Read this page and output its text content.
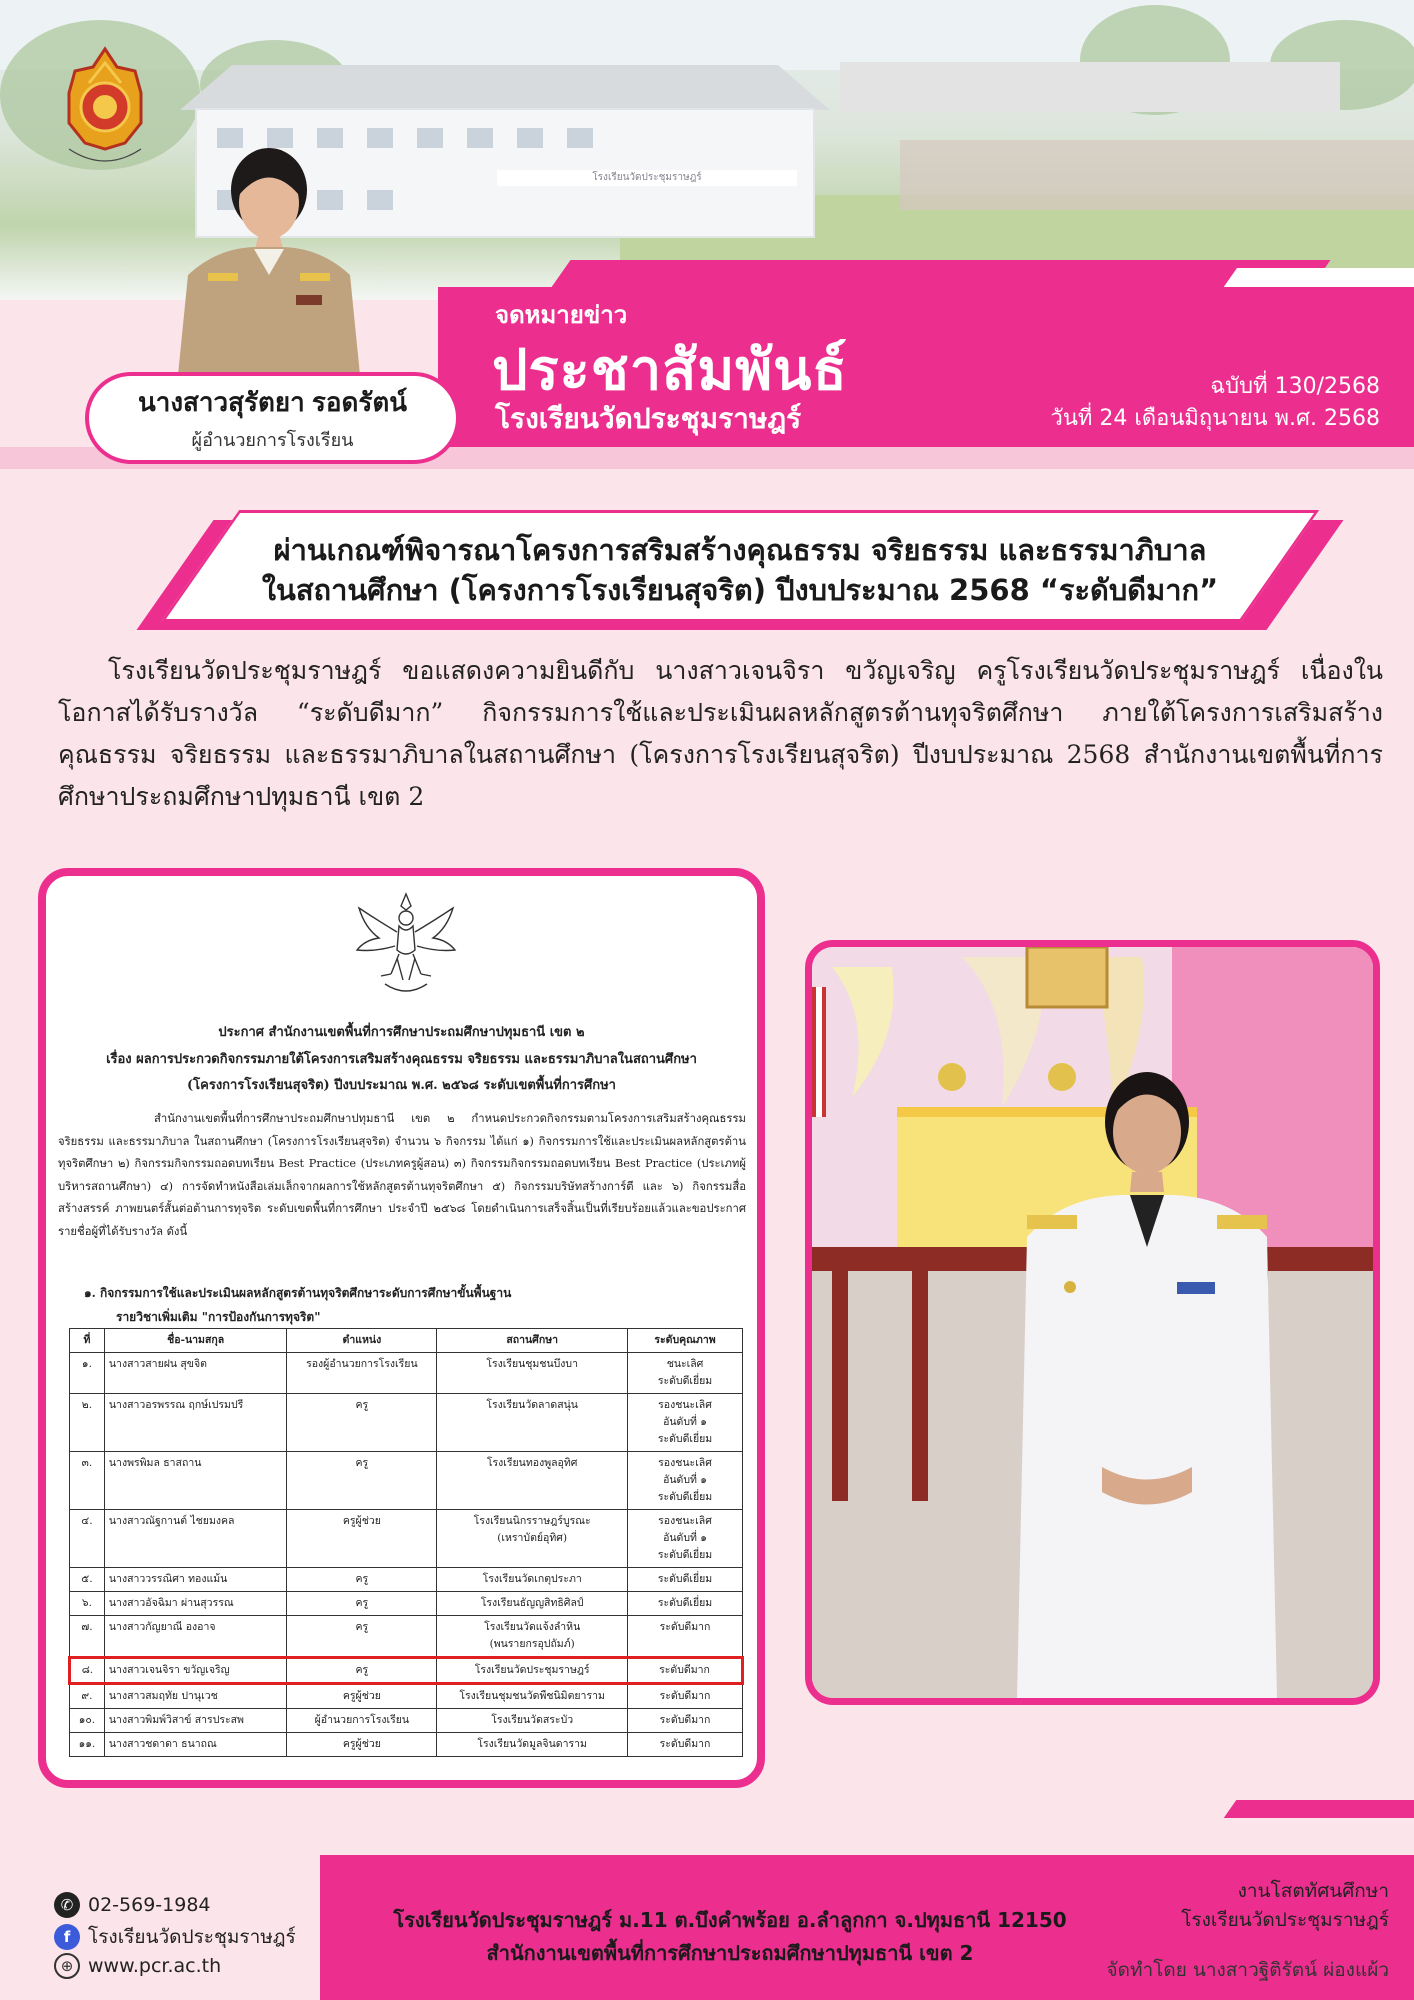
โรงเรียนวัดประชุมราษฎร์
จดหมายข่าว
ประชาสัมพันธ์
โรงเรียนวัดประชุมราษฎร์
ฉบับที่ 130/2568
วันที่ 24 เดือนมิถุนายน พ.ศ. 2568
นางสาวสุรัตยา รอดรัตน์
ผู้อำนวยการโรงเรียน
ผ่านเกณฑ์พิจารณาโครงการสริมสร้างคุณธรรม จริยธรรม และธรรมาภิบาล
ในสถานศึกษา (โครงการโรงเรียนสุจริต) ปีงบประมาณ 2568 “ระดับดีมาก”

โรงเรียนวัดประชุมราษฎร์ ขอแสดงความยินดีกับ นางสาวเจนจิรา ขวัญเจริญ ครูโรงเรียนวัดประชุมราษฎร์ เนื่องในโอกาสได้รับรางวัล “ระดับดีมาก” กิจกรรมการใช้และประเมินผลหลักสูตรต้านทุจริตศึกษา ภายใต้โครงการเสริมสร้างคุณธรรม จริยธรรม และธรรมาภิบาลในสถานศึกษา (โครงการโรงเรียนสุจริต) ปีงบประมาณ 2568 สำนักงานเขตพื้นที่การศึกษาประถมศึกษาปทุมธานี เขต 2

ประกาศ สำนักงานเขตพื้นที่การศึกษาประถมศึกษาปทุมธานี เขต ๒
เรื่อง ผลการประกวดกิจกรรมภายใต้โครงการเสริมสร้างคุณธรรม จริยธรรม และธรรมาภิบาลในสถานศึกษา
(โครงการโรงเรียนสุจริต) ปีงบประมาณ พ.ศ. ๒๕๖๘ ระดับเขตพื้นที่การศึกษา

สำนักงานเขตพื้นที่การศึกษาประถมศึกษาปทุมธานี เขต ๒ กำหนดประกวดกิจกรรมตามโครงการเสริมสร้างคุณธรรม จริยธรรม และธรรมาภิบาล ในสถานศึกษา (โครงการโรงเรียนสุจริต) จำนวน ๖ กิจกรรม ได้แก่ ๑) กิจกรรมการใช้และประเมินผลหลักสูตรต้านทุจริตศึกษา ๒) กิจกรรมกิจกรรมถอดบทเรียน Best Practice (ประเภทครูผู้สอน) ๓) กิจกรรมกิจกรรมถอดบทเรียน Best Practice (ประเภทผู้บริหารสถานศึกษา) ๔) การจัดทำหนังสือเล่มเล็กจากผลการใช้หลักสูตรต้านทุจริตศึกษา ๕) กิจกรรมบริษัทสร้างการ์ตี และ ๖) กิจกรรมสื่อสร้างสรรค์ ภาพยนตร์สั้นต่อต้านการทุจริต ระดับเขตพื้นที่การศึกษา ประจำปี ๒๕๖๘ โดยดำเนินการเสร็จสิ้นเป็นที่เรียบร้อยแล้วและขอประกาศรายชื่อผู้ที่ได้รับรางวัล ดังนี้

๑. กิจกรรมการใช้และประเมินผลหลักสูตรต้านทุจริตศึกษาระดับการศึกษาขั้นพื้นฐาน
รายวิชาเพิ่มเติม "การป้องกันการทุจริต"
ที่	ชื่อ-นามสกุล	ตำแหน่ง	สถานศึกษา	ระดับคุณภาพ
๑.	นางสาวสายฝน สุขจิต	รองผู้อำนวยการโรงเรียน	โรงเรียนชุมชนบึงบา	ชนะเลิศ
ระดับดีเยี่ยม
๒.	นางสาวอรพรรณ ฤกษ์เปรมปรี	ครู	โรงเรียนวัดลาดสนุ่น	รองชนะเลิศ
อันดับที่ ๑
ระดับดีเยี่ยม
๓.	นางพรพิมล ธาสถาน	ครู	โรงเรียนทองพูลอุทิศ	รองชนะเลิศ
อันดับที่ ๑
ระดับดีเยี่ยม
๔.	นางสาวณัฐกานต์ ไชยมงคล	ครูผู้ช่วย	โรงเรียนนิกรราษฎร์บูรณะ
(เหราบัตย์อุทิศ)	รองชนะเลิศ
อันดับที่ ๑
ระดับดีเยี่ยม
๕.	นางสาววรรณิศา ทองแม้น	ครู	โรงเรียนวัดเกตุประภา	ระดับดีเยี่ยม
๖.	นางสาวอัจฉิมา ผ่านสุวรรณ	ครู	โรงเรียนธัญญสิทธิศิลป์	ระดับดีเยี่ยม
๗.	นางสาวกัญยาณี องอาจ	ครู	โรงเรียนวัดแจ้งลำหิน
(พนรายกรอุปถัมภ์)	ระดับดีมาก
๘.	นางสาวเจนจิรา ขวัญเจริญ	ครู	โรงเรียนวัดประชุมราษฎร์	ระดับดีมาก
๙.	นางสาวสมฤทัย ปานุเวช	ครูผู้ช่วย	โรงเรียนชุมชนวัดพืชนิมิตยาราม	ระดับดีมาก
๑๐.	นางสาวพิมพ์วิสาข์ สารประสพ	ผู้อำนวยการโรงเรียน	โรงเรียนวัดสระบัว	ระดับดีมาก
๑๑.	นางสาวชดาดา ธนาถณ	ครูผู้ช่วย	โรงเรียนวัดมูลจินดาราม	ระดับดีมาก
✆ 02-569-1984
f โรงเรียนวัดประชุมราษฎร์
⊕ www.pcr.ac.th
โรงเรียนวัดประชุมราษฎร์ ม.11 ต.บึงคำพร้อย อ.ลำลูกกา จ.ปทุมธานี 12150
สำนักงานเขตพื้นที่การศึกษาประถมศึกษาปทุมธานี เขต 2
งานโสตทัศนศึกษา
โรงเรียนวัดประชุมราษฎร์
จัดทำโดย นางสาวฐิติรัตน์ ผ่องแผ้ว
